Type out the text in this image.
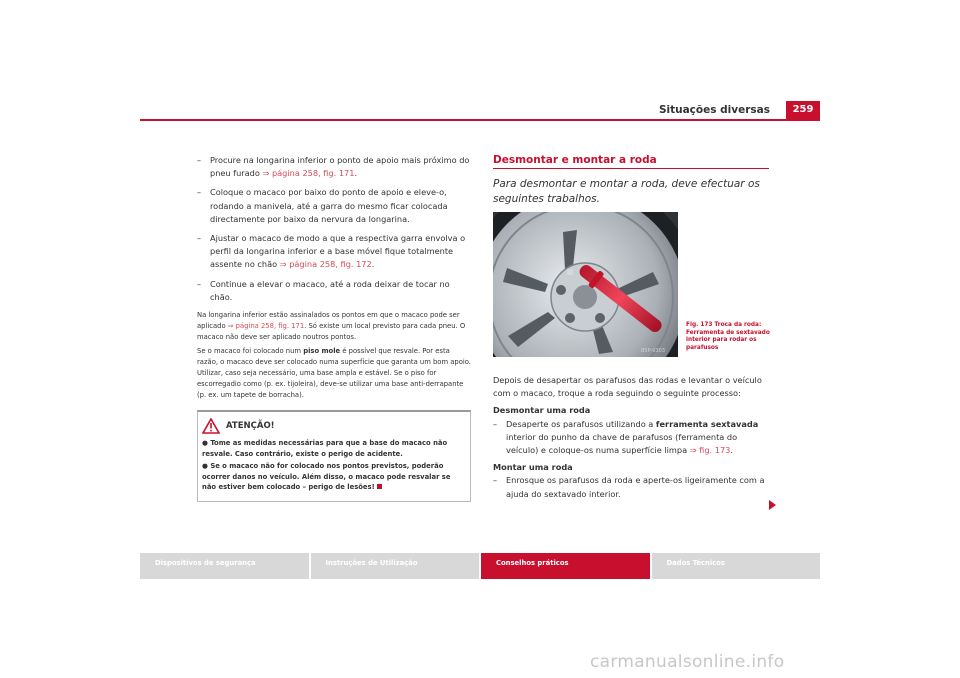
Situações diversas	259
– Procure na longarina inferior o ponto de apoio mais próximo do pneu furado ⇒ página 258, fig. 171.
– Coloque o macaco por baixo do ponto de apoio e eleve-o, rodando a manivela, até a garra do mesmo ficar colocada directamente por baixo da nervura da longarina.
– Ajustar o macaco de modo a que a respectiva garra envolva o perfil da longarina inferior e a base móvel fique totalmente assente no chão ⇒ página 258, fig. 172.
– Continue a elevar o macaco, até a roda deixar de tocar no chão.

Na longarina inferior estão assinalados os pontos em que o macaco pode ser aplicado ⇒ página 258, fig. 171. Só existe um local previsto para cada pneu. O macaco não deve ser aplicado noutros pontos.

Se o macaco foi colocado num piso mole é possível que resvale. Por esta razão, o macaco deve ser colocado numa superfície que garanta um bom apoio. Utilizar, caso seja necessário, uma base ampla e estável. Se o piso for escorregadio como (p. ex. tijoleira), deve-se utilizar uma base anti-derrapante (p. ex. um tapete de borracha).

ATENÇÃO!

● Tome as medidas necessárias para que a base do macaco não resvale. Caso contrário, existe o perigo de acidente.

● Se o macaco não for colocado nos pontos previstos, poderão ocorrer danos no veículo. Além disso, o macaco pode resvalar se não estiver bem colocado – perigo de lesões!

Desmontar e montar a roda
Para desmontar e montar a roda, deve efectuar os seguintes trabalhos.
B5P-0303
Fig. 173 Troca da roda: Ferramenta de sextavado interior para rodar os parafusos

Depois de desapertar os parafusos das rodas e levantar o veículo com o macaco, troque a roda seguindo o seguinte processo:

Desmontar uma roda
– Desaperte os parafusos utilizando a ferramenta sextavada interior do punho da chave de parafusos (ferramenta do veículo) e coloque-os numa superfície limpa ⇒ fig. 173.
Montar uma roda
– Enrosque os parafusos da roda e aperte-os ligeiramente com a ajuda do sextavado interior.
Dispositivos de segurança	Instruções de Utilização	Conselhos práticos	Dados Técnicos
carmanualsonline.info
